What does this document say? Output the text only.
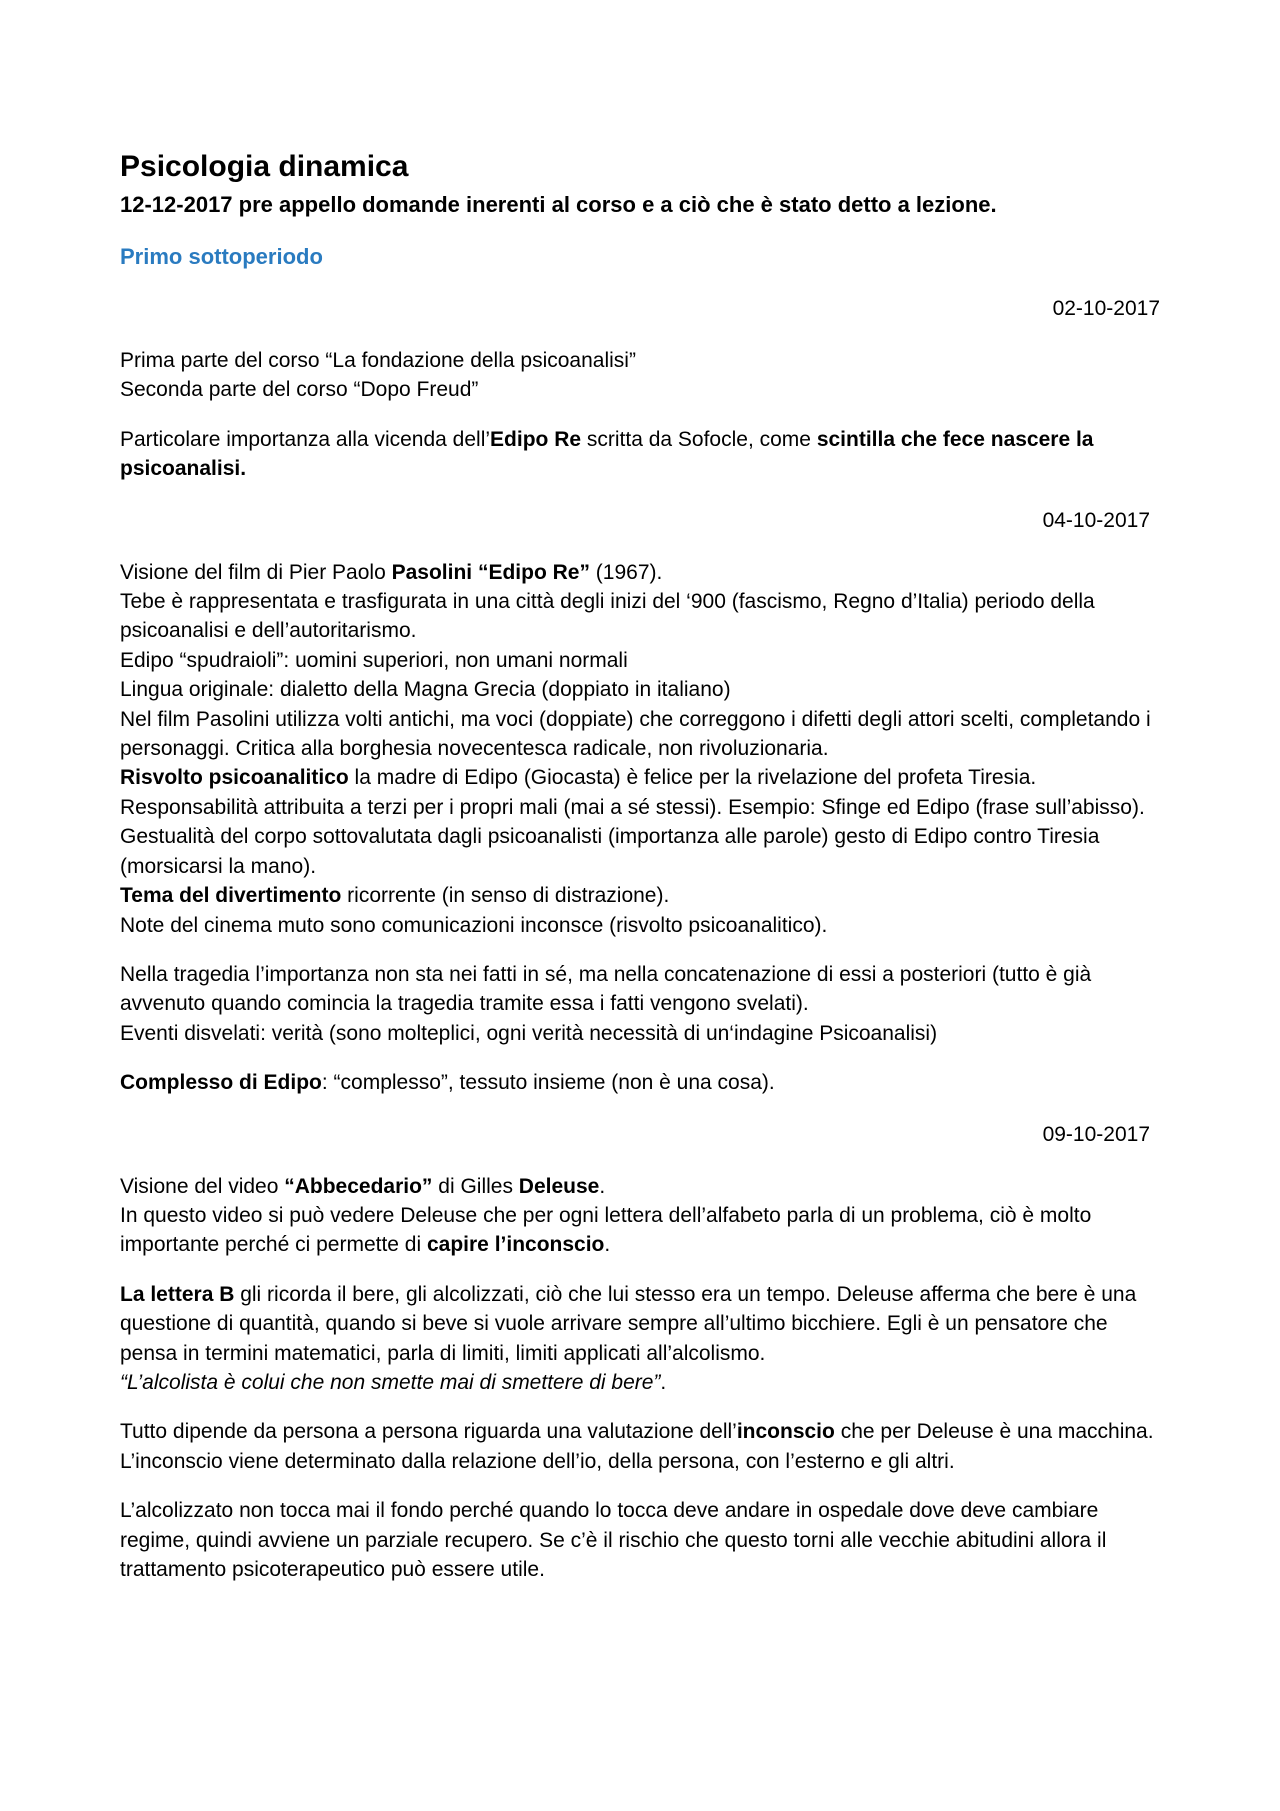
Psicologia dinamica
12-12-2017 pre appello domande inerenti al corso e a ciò che è stato detto a lezione.
Primo sottoperiodo
02-10-2017

Prima parte del corso “La fondazione della psicoanalisi”
Seconda parte del corso “Dopo Freud”

Particolare importanza alla vicenda dell’Edipo Re scritta da Sofocle, come scintilla che fece nascere la psicoanalisi.

04-10-2017

Visione del film di Pier Paolo Pasolini “Edipo Re” (1967).
Tebe è rappresentata e trasfigurata in una città degli inizi del ‘900 (fascismo, Regno d’Italia) periodo della psicoanalisi e dell’autoritarismo.
Edipo “spudraioli”: uomini superiori, non umani normali
Lingua originale: dialetto della Magna Grecia (doppiato in italiano)
Nel film Pasolini utilizza volti antichi, ma voci (doppiate) che correggono i difetti degli attori scelti, completando i personaggi. Critica alla borghesia novecentesca radicale, non rivoluzionaria.
Risvolto psicoanalitico la madre di Edipo (Giocasta) è felice per la rivelazione del profeta Tiresia.
Responsabilità attribuita a terzi per i propri mali (mai a sé stessi). Esempio: Sfinge ed Edipo (frase sull’abisso).
Gestualità del corpo sottovalutata dagli psicoanalisti (importanza alle parole) gesto di Edipo contro Tiresia (morsicarsi la mano).
Tema del divertimento ricorrente (in senso di distrazione).
Note del cinema muto sono comunicazioni inconsce (risvolto psicoanalitico).

Nella tragedia l’importanza non sta nei fatti in sé, ma nella concatenazione di essi a posteriori (tutto è già avvenuto quando comincia la tragedia tramite essa i fatti vengono svelati).
Eventi disvelati: verità (sono molteplici, ogni verità necessità di un‘indagine Psicoanalisi)

Complesso di Edipo: “complesso”, tessuto insieme (non è una cosa).

09-10-2017

Visione del video “Abbecedario” di Gilles Deleuse.
In questo video si può vedere Deleuse che per ogni lettera dell’alfabeto parla di un problema, ciò è molto importante perché ci permette di capire l’inconscio.

La lettera B gli ricorda il bere, gli alcolizzati, ciò che lui stesso era un tempo. Deleuse afferma che bere è una questione di quantità, quando si beve si vuole arrivare sempre all’ultimo bicchiere. Egli è un pensatore che pensa in termini matematici, parla di limiti, limiti applicati all’alcolismo.
“L’alcolista è colui che non smette mai di smettere di bere”.

Tutto dipende da persona a persona riguarda una valutazione dell’inconscio che per Deleuse è una macchina. L’inconscio viene determinato dalla relazione dell’io, della persona, con l’esterno e gli altri.

L’alcolizzato non tocca mai il fondo perché quando lo tocca deve andare in ospedale dove deve cambiare regime, quindi avviene un parziale recupero. Se c’è il rischio che questo torni alle vecchie abitudini allora il trattamento psicoterapeutico può essere utile.
